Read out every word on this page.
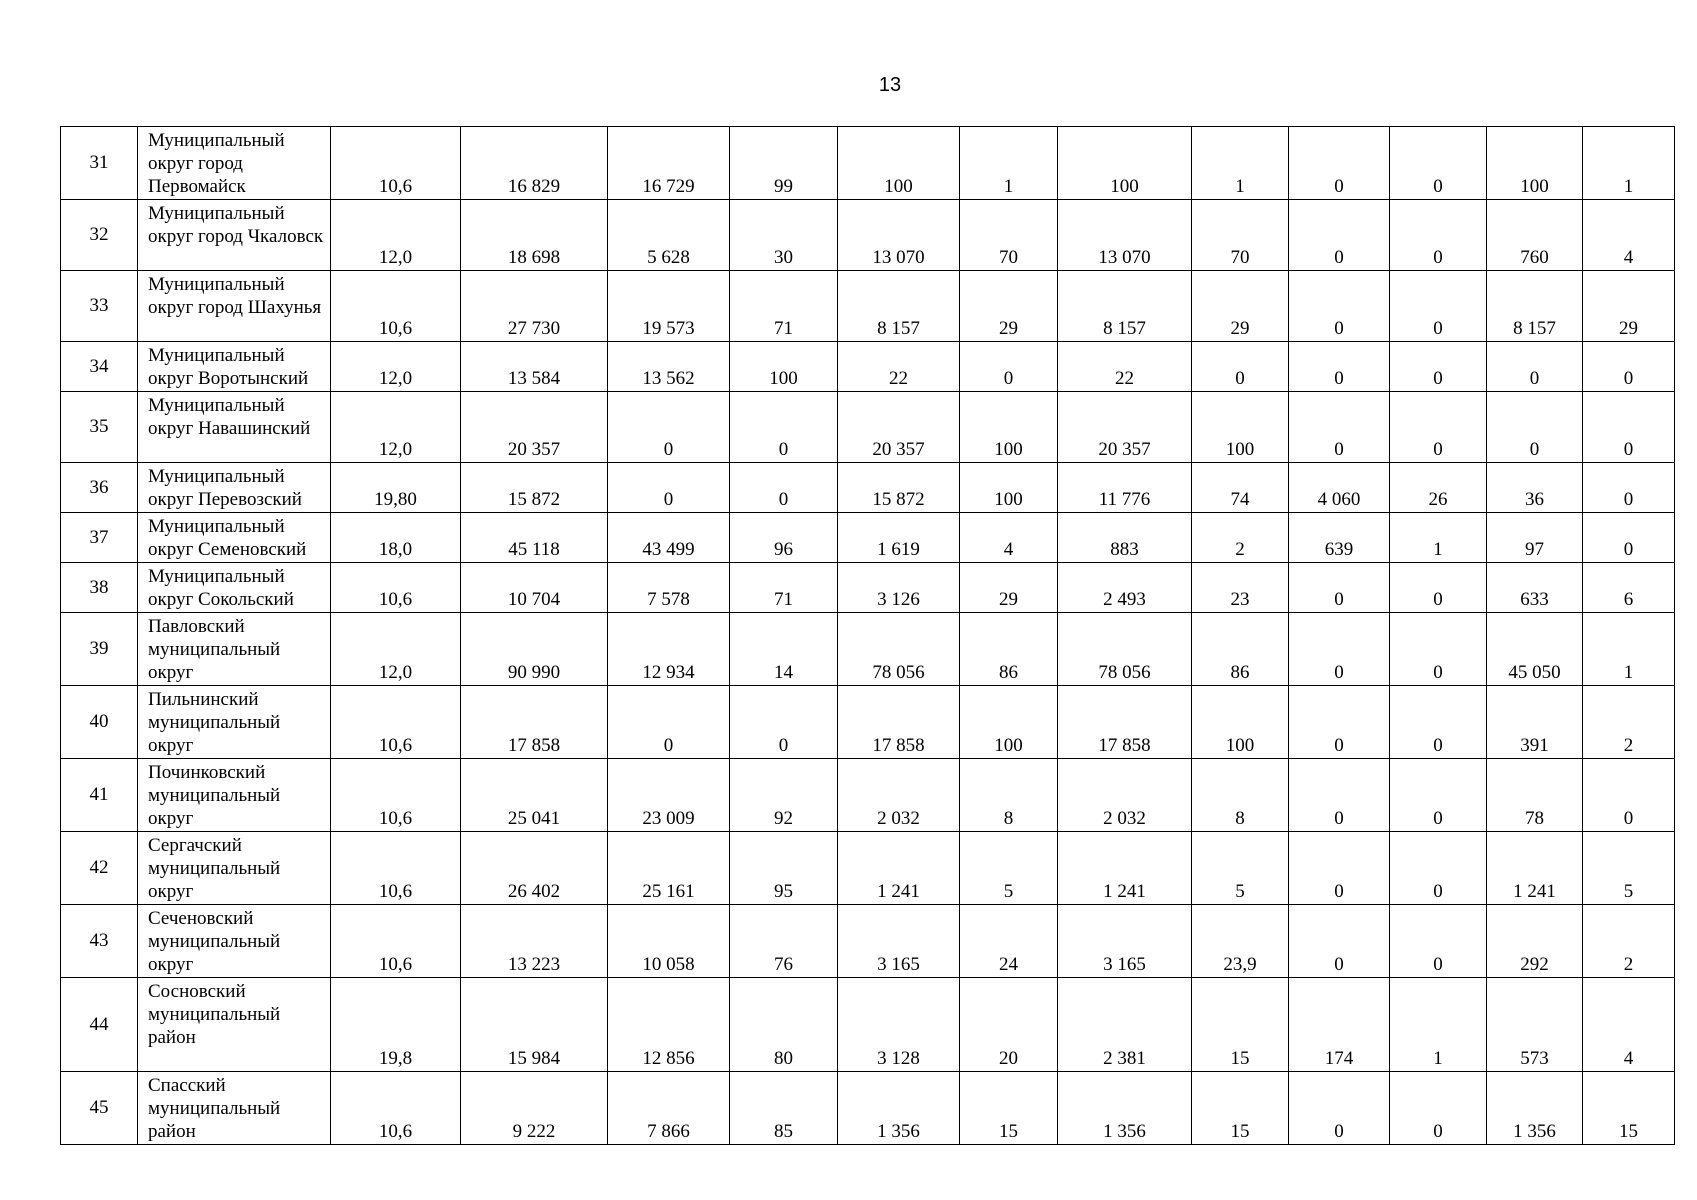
13
31	Муниципальный округ город Первомайск	10,6	16 829	16 729	99	100	1	100	1	0	0	100	1
32	Муниципальный округ город Чкаловск	12,0	18 698	5 628	30	13 070	70	13 070	70	0	0	760	4
33	Муниципальный округ город Шахунья	10,6	27 730	19 573	71	8 157	29	8 157	29	0	0	8 157	29
34	Муниципальный округ Воротынский	12,0	13 584	13 562	100	22	0	22	0	0	0	0	0
35	Муниципальный округ Навашинский	12,0	20 357	0	0	20 357	100	20 357	100	0	0	0	0
36	Муниципальный округ Перевозский	19,80	15 872	0	0	15 872	100	11 776	74	4 060	26	36	0
37	Муниципальный округ Семеновский	18,0	45 118	43 499	96	1 619	4	883	2	639	1	97	0
38	Муниципальный округ Сокольский	10,6	10 704	7 578	71	3 126	29	2 493	23	0	0	633	6
39	Павловский муниципальный округ	12,0	90 990	12 934	14	78 056	86	78 056	86	0	0	45 050	1
40	Пильнинский муниципальный округ	10,6	17 858	0	0	17 858	100	17 858	100	0	0	391	2
41	Починковский муниципальный округ	10,6	25 041	23 009	92	2 032	8	2 032	8	0	0	78	0
42	Сергачский муниципальный округ	10,6	26 402	25 161	95	1 241	5	1 241	5	0	0	1 241	5
43	Сеченовский муниципальный округ	10,6	13 223	10 058	76	3 165	24	3 165	23,9	0	0	292	2
44	Сосновский муниципальный район	19,8	15 984	12 856	80	3 128	20	2 381	15	174	1	573	4
45	Спасский муниципальный район	10,6	9 222	7 866	85	1 356	15	1 356	15	0	0	1 356	15
